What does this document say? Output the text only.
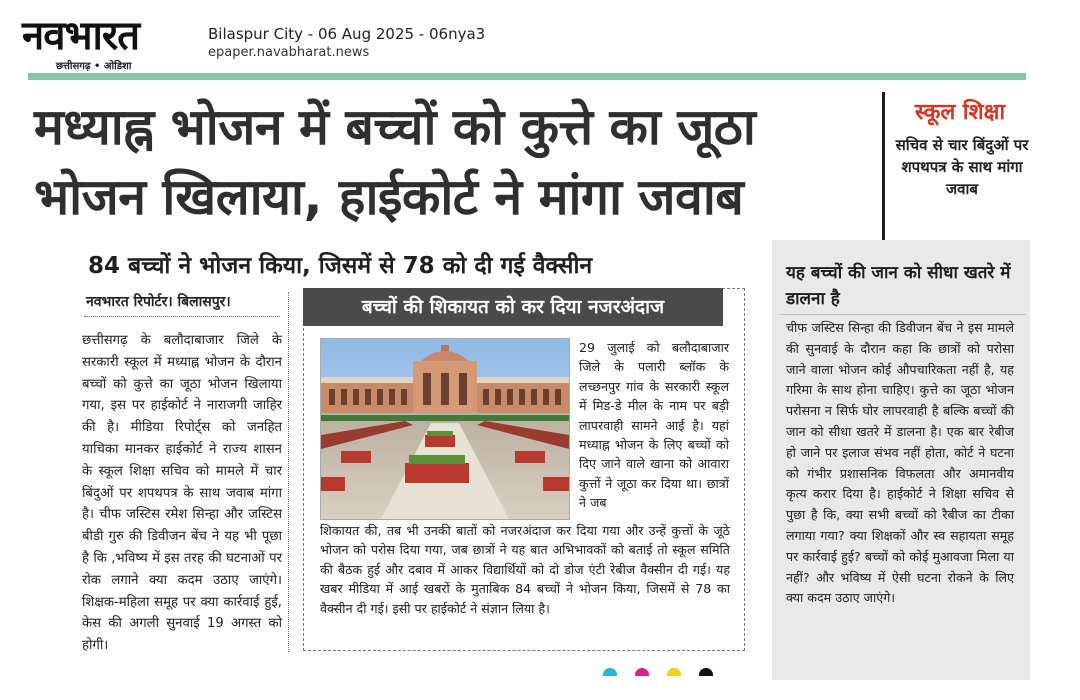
नवभारत
छत्तीसगढ़ • ओडिशा
Bilaspur City - 06 Aug 2025 - 06nya3
epaper.navabharat.news
मध्याह्न भोजन में बच्चों को कुत्ते का जूठा
भोजन खिलाया, हाईकोर्ट ने मांगा जवाब
स्कूल शिक्षा
सचिव से चार बिंदुओं पर शपथपत्र के साथ मांगा जवाब
84 बच्चों ने भोजन किया, जिसमें से 78 को दी गई वैक्सीन
नवभारत रिपोर्टर। बिलासपुर।
छत्तीसगढ़ के बलौदाबाजार जिले के सरकारी स्कूल में मध्याह्न भोजन के दौरान बच्चों को कुत्ते का जूठा भोजन खिलाया गया, इस पर हाईकोर्ट ने नाराजगी जाहिर की है। मीडिया रिपोर्ट्स को जनहित याचिका मानकर हाईकोर्ट ने राज्य शासन के स्कूल शिक्षा सचिव को मामले में चार बिंदुओं पर शपथपत्र के साथ जवाब मांगा है। चीफ जस्टिस रमेश सिन्हा और जस्टिस बीडी गुरु की डिवीजन बेंच ने यह भी पूछा है कि ,भविष्य में इस तरह की घटनाओं पर रोक लगाने क्या कदम उठाए जाएंगे। शिक्षक-महिला समूह पर क्या कार्रवाई हुई, केस की अगली सुनवाई 19 अगस्त को होगी।
बच्चों की शिकायत को कर दिया नजरअंदाज
29 जुलाई को बलौदाबाजार जिले के पलारी ब्लॉक के लच्छनपुर गांव के सरकारी स्कूल में मिड-डे मील के नाम पर बड़ी लापरवाही सामने आई है। यहां मध्याह्न भोजन के लिए बच्चों को दिए जाने वाले खाना को आवारा कुत्तों ने जूठा कर दिया था। छात्रों ने जब
शिकायत की, तब भी उनकी बातों को नजरअंदाज कर दिया गया और उन्हें कुत्तों के जूठे भोजन को परोस दिया गया, जब छात्रों ने यह बात अभिभावकों को बताई तो स्कूल समिति की बैठक हुई और दबाव में आकर विद्यार्थियों को दो डोज एंटी रेबीज वैक्सीन दी गई। यह खबर मीडिया में आई खबरों के मुताबिक 84 बच्चों ने भोजन किया, जिसमें से 78 का वैक्सीन दी गई। इसी पर हाईकोर्ट ने संज्ञान लिया है।
यह बच्चों की जान को सीधा खतरे में डालना है
चीफ जस्टिस सिन्हा की डिवीजन बेंच ने इस मामले की सुनवाई के दौरान कहा कि छात्रों को परोसा जाने वाला भोजन कोई औपचारिकता नहीं है, यह गरिमा के साथ होना चाहिए। कुत्ते का जूठा भोजन परोसना न सिर्फ घोर लापरवाही है बल्कि बच्चों की जान को सीधा खतरे में डालना है। एक बार रेबीज हो जाने पर इलाज संभव नहीं होता, कोर्ट ने घटना को गंभीर प्रशासनिक विफलता और अमानवीय कृत्य करार दिया है। हाईकोर्ट ने शिक्षा सचिव से पुछा है कि, क्या सभी बच्चों को रैबीज का टीका लगाया गया? क्या शिक्षकों और स्व सहायता समूह पर कार्रवाई हुई? बच्चों को कोई मुआवजा मिला या नहीं? और भविष्य में ऐसी घटना रोकने के लिए क्या कदम उठाए जाएंगे।
